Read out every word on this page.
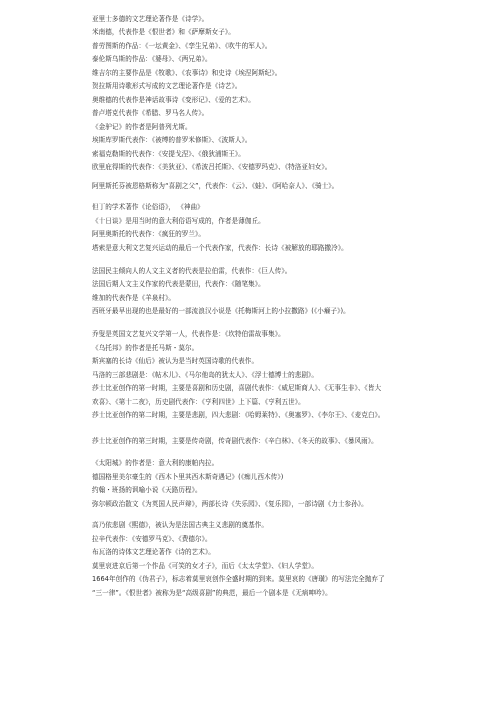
亚里士多德的文艺理论著作是《诗学》。
米南德，代表作是《恨世者》和《萨摩斯女子》。
普劳图斯的作品：《一坛黄金》、《孪生兄弟》、《吹牛的军人》。
泰伦斯乌斯的作品：《婆母》、《两兄弟》。
维吉尔的主要作品是《牧歌》、《农事诗》和史诗《埃涅阿斯纪》。
贺拉斯用诗歌形式写成的文艺理论著作是《诗艺》。
奥维德的代表作是神话故事诗《变形记》、《爱的艺术》。
普卢塔克代表作《希腊、罗马名人传》。
《金驴记》的作者是阿普列尤斯。
埃斯库罗斯代表作：《被缚的普罗米修斯》、《波斯人》。
索福克勒斯的代表作：《安提戈涅》、《俄狄浦斯王》。
欧里庇得斯的代表作：《美狄亚》、《希波吕托斯》、《安德罗玛克》、《特洛亚妇女》。
阿里斯托芬被恩格斯称为“喜剧之父”，代表作：《云》、《蛙》、《阿哈奈人》、《骑士》。
但丁的学术著作《论俗语》， 《神曲》
《十日谈》是用当时的意大利俗语写成的，作者是薄伽丘。
阿里奥斯托的代表作：《疯狂的罗兰》。
塔索是意大利文艺复兴运动的最后一个代表作家，代表作：长诗《被解放的耶路撒冷》。
法国民主倾向人的人文主义者的代表是拉伯雷，代表作：《巨人传》。
法国后期人文主义作家的代表是蒙田，代表作：《随笔集》。
维加的代表作是《羊泉村》。
西班牙最早出现的也是最好的一部流浪汉小说是《托梅斯河上的小拉撒路》(《小癞子》)。
乔叟是英国文艺复兴文学第一人，代表作是：《坎特伯雷故事集》。
《乌托邦》的作者是托马斯・莫尔。
斯宾塞的长诗《仙后》被认为是当时英国诗歌的代表作。
马洛的三部悲剧是：《帖木儿》、《马尔他岛的犹太人》、《浮士德博士的悲剧》。
莎士比亚创作的第一时期，主要是喜剧和历史剧，喜剧代表作：《威尼斯商人》、《无事生非》、《皆大
欢喜》、《第十二夜》，历史剧代表作：《亨利四世》上下篇、《亨利五世》。
莎士比亚创作的第二时期，主要是悲剧，四大悲剧：《哈姆莱特》、《奥塞罗》、《李尔王》、《麦克白》。
莎士比亚创作的第三时期，主要是传奇剧，传奇剧代表作：《辛白林》、《冬天的故事》、《暴风雨》。
《太阳城》的作者是：意大利的康帕内拉。
德国格里美尔豪生的《西木卜里其西木斯奇遇记》(《痴儿西木传》)
约翰・班扬的讽喻小说《天路历程》。
弥尔顿政治散文《为英国人民声辩》，两部长诗《失乐园》、《复乐园》，一部诗剧《力士参孙》。
高乃依悲剧《熙德》，被认为是法国古典主义悲剧的奠基作。
拉辛代表作：《安德罗马克》、《费德尔》。
布瓦洛的诗体文艺理论著作《诗的艺术》。
莫里哀进京后第一个作品《可笑的女才子》，而后《太太学堂》、《妇人学堂》。
1664年创作的《伪君子》，标志着莫里哀创作全盛时期的到来。莫里哀的《唐璜》的写法完全抛弃了
“三一律”。《恨世者》被称为是“高级喜剧”的典范，最后一个剧本是《无病呻吟》。
